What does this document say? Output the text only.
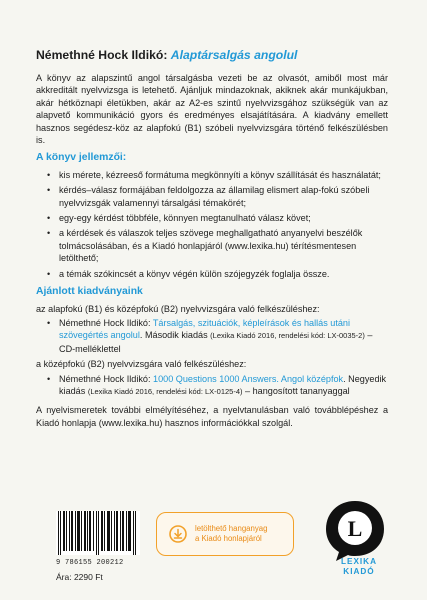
Némethné Hock Ildikó: Alaptársalgás angolul

A könyv az alapszintű angol társalgásba vezeti be az olvasót, amiből most már akkreditált nyelvvizsga is letehető. Ajánljuk mindazoknak, akiknek akár munkájukban, akár hétköznapi életükben, akár az A2-es szintű nyelvvizsgához szükségük van az alapvető kommunikáció gyors és eredményes elsajátítására. A kiadvány emellett hasznos segédesz-köz az alapfokú (B1) szóbeli nyelvvizsgára történő felkészülésben is.

A könyv jellemzői:
• kis mérete, kézreeső formátuma megkönnyíti a könyv szállítását és használatát;
• kérdés–válasz formájában feldolgozza az államilag elismert alap-fokú szóbeli nyelvvizsgák valamennyi társalgási témakörét;
• egy-egy kérdést többféle, könnyen megtanulható válasz követ;
• a kérdések és válaszok teljes szövege meghallgatható anyanyelvi beszélők tolmácsolásában, és a Kiadó honlapjáról (www.lexika.hu) térítésmentesen letölthető;
• a témák szókincsét a könyv végén külön szójegyzék foglalja össze.
Ajánlott kiadványaink

az alapfokú (B1) és középfokú (B2) nyelvvizsgára való felkészüléshez:

• Némethné Hock Ildikó: Társalgás, szituációk, képleírások és hallás utáni szövegértés angolul. Második kiadás (Lexika Kiadó 2016, rendelési kód: LX-0035-2) – CD-melléklettel

a középfokú (B2) nyelvvizsgára való felkészüléshez:

• Némethné Hock Ildikó: 1000 Questions 1000 Answers. Angol középfok. Negyedik kiadás (Lexika Kiadó 2016, rendelési kód: LX-0125-4) – hangosított tananyaggal

A nyelvismeretek további elmélyítéséhez, a nyelvtanulásban való továbblépéshez a Kiadó honlapja (www.lexika.hu) hasznos információkkal szolgál.

9 786155 200212
Ára: 2290 Ft
letölthető hanganyag
a Kiadó honlapjáról	L
LEXIKA
KIADÓ
